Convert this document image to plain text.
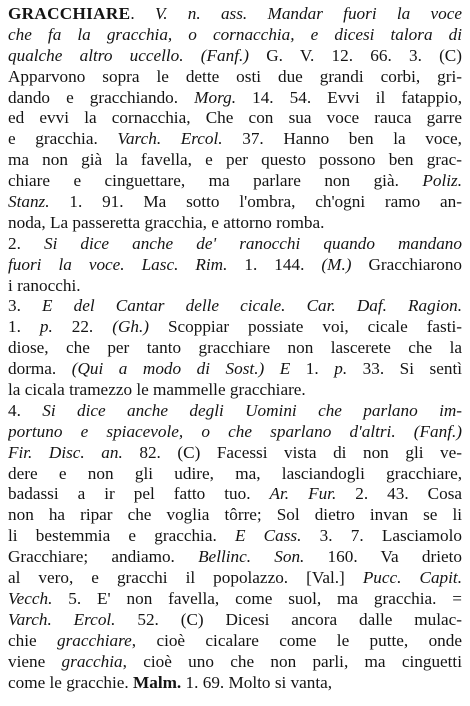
GRACCHIARE. V. n. ass. Mandar fuori la voce
che fa la gracchia, o cornacchia, e dicesi talora di
qualche altro uccello. (Fanf.) G. V. 12. 66. 3. (C)
Apparvono sopra le dette osti due grandi corbi, gri-
dando e gracchiando. Morg. 14. 54. Evvi il fatappio,
ed evvi la cornacchia, Che con sua voce rauca garre
e gracchia. Varch. Ercol. 37. Hanno ben la voce,
ma non già la favella, e per questo possono ben grac-
chiare e cinguettare, ma parlare non già. Poliz.
Stanz. 1. 91. Ma sotto l'ombra, ch'ogni ramo an-
noda, La passeretta gracchia, e attorno romba.
2. Si dice anche de' ranocchi quando mandano
fuori la voce. Lasc. Rim. 1. 144. (M.) Gracchiarono
i ranocchi.
3. E del Cantar delle cicale. Car. Daf. Ragion.
1. p. 22. (Gh.) Scoppiar possiate voi, cicale fasti-
diose, che per tanto gracchiare non lascerete che la
dorma. (Qui a modo di Sost.) E 1. p. 33. Si sentì
la cicala tramezzo le mammelle gracchiare.
4. Si dice anche degli Uomini che parlano im-
portuno e spiacevole, o che sparlano d'altri. (Fanf.)
Fir. Disc. an. 82. (C) Facessi vista di non gli ve-
dere e non gli udire, ma, lasciandogli gracchiare,
badassi a ir pel fatto tuo. Ar. Fur. 2. 43. Cosa
non ha ripar che voglia tôrre; Sol dietro invan se li
li bestemmia e gracchia. E Cass. 3. 7. Lasciamolo
Gracchiare; andiamo. Bellinc. Son. 160. Va drieto
al vero, e gracchi il popolazzo. [Val.] Pucc. Capit.
Vecch. 5. E' non favella, come suol, ma gracchia. =
Varch. Ercol. 52. (C) Dicesi ancora dalle mulac-
chie gracchiare, cioè cicalare come le putte, onde
viene gracchia, cioè uno che non parli, ma cinguetti
come le gracchie. Malm. 1. 69. Molto si vanta,
